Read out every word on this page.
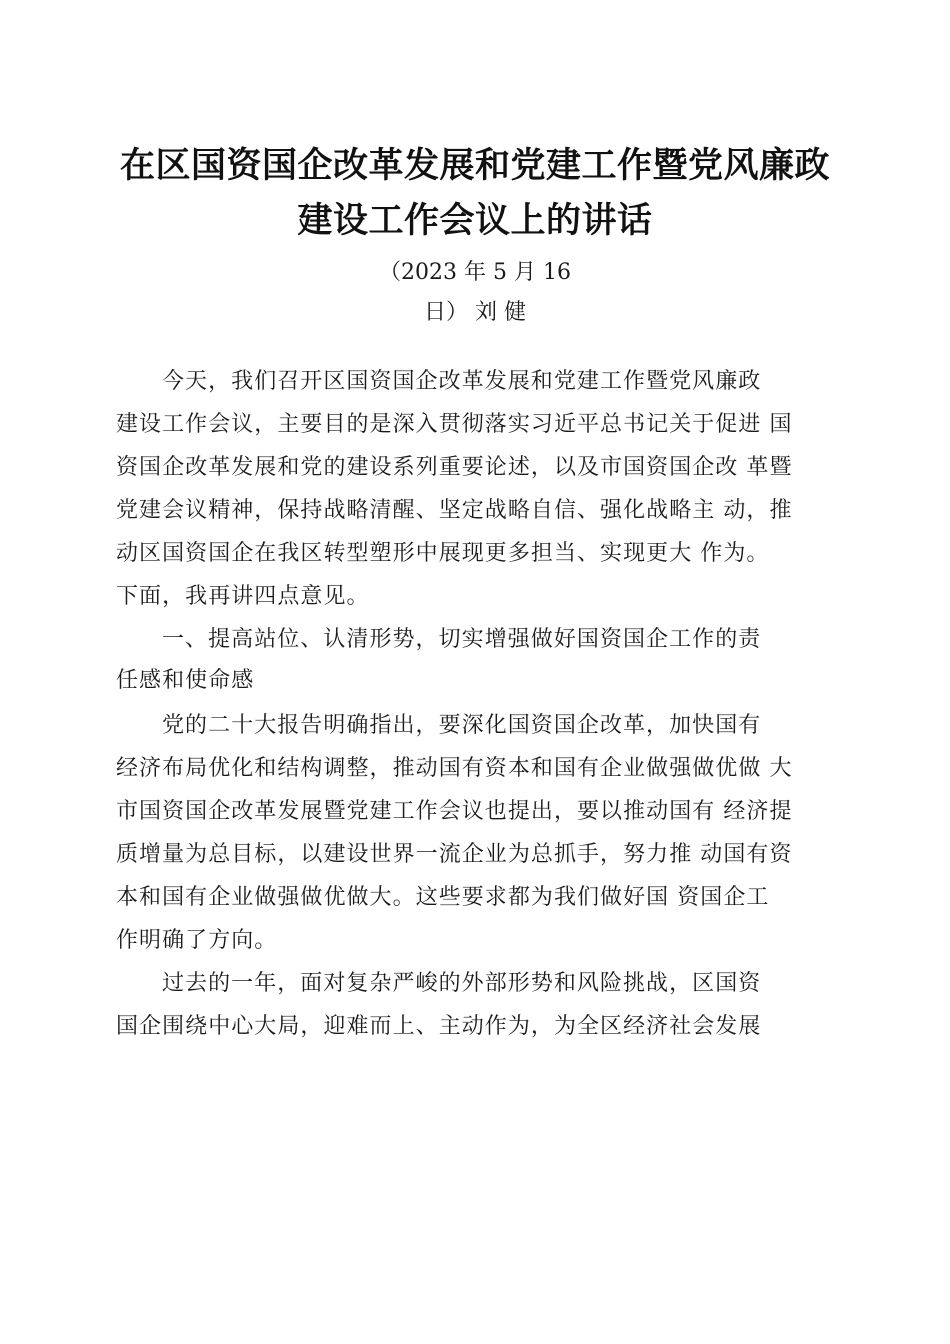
在区国资国企改革发展和党建工作暨党风廉政
建设工作会议上的讲话
（2023 年 5 月 16
日） 刘 健
今天，我们召开区国资国企改革发展和党建工作暨党风廉政
建设工作会议，主要目的是深入贯彻落实习近平总书记关于促进 国
资国企改革发展和党的建设系列重要论述，以及市国资国企改 革暨
党建会议精神，保持战略清醒、坚定战略自信、强化战略主 动，推
动区国资国企在我区转型塑形中展现更多担当、实现更大 作为。
下面，我再讲四点意见。
一、提高站位、认清形势，切实增强做好国资国企工作的责
任感和使命感
党的二十大报告明确指出，要深化国资国企改革，加快国有
经济布局优化和结构调整，推动国有资本和国有企业做强做优做 大
市国资国企改革发展暨党建工作会议也提出，要以推动国有 经济提
质增量为总目标，以建设世界一流企业为总抓手，努力推 动国有资
本和国有企业做强做优做大。这些要求都为我们做好国 资国企工
作明确了方向。
过去的一年，面对复杂严峻的外部形势和风险挑战，区国资
国企围绕中心大局，迎难而上、主动作为，为全区经济社会发展
